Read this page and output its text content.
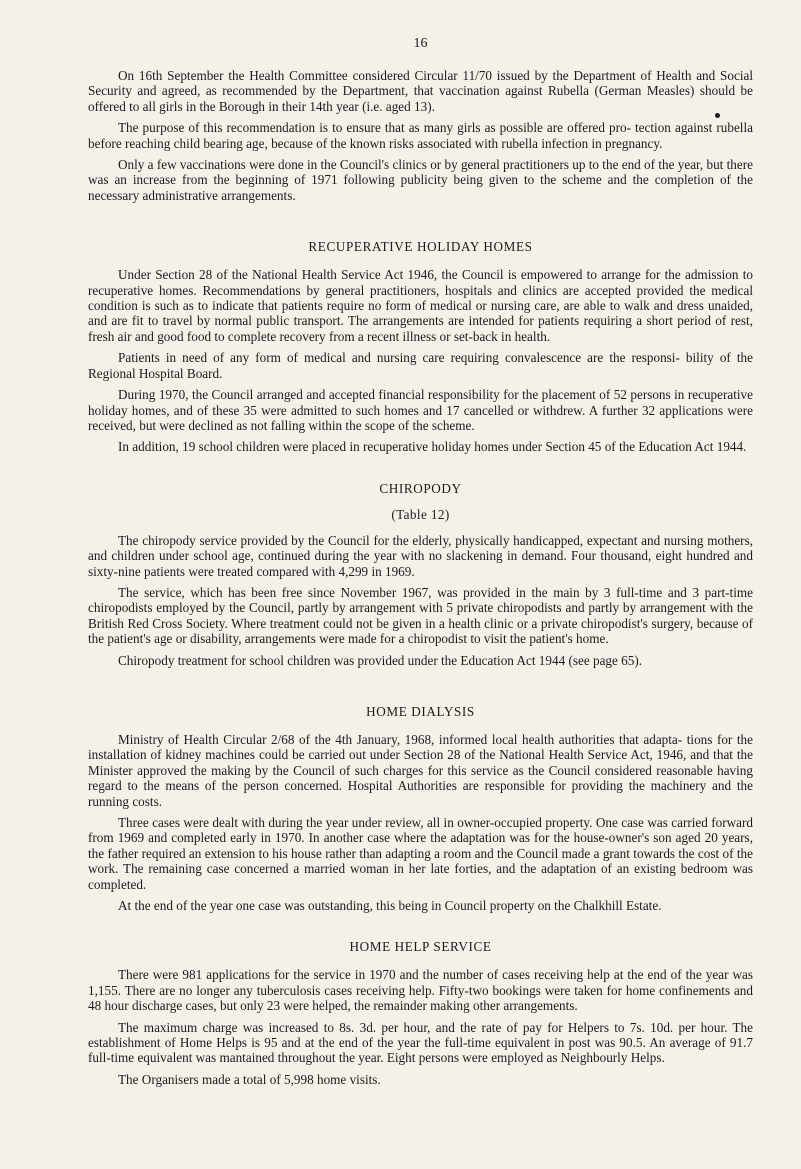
16

On 16th September the Health Committee considered Circular 11/70 issued by the Department of Health and Social Security and agreed, as recommended by the Department, that vaccination against Rubella (German Measles) should be offered to all girls in the Borough in their 14th year (i.e. aged 13).

The purpose of this recommendation is to ensure that as many girls as possible are offered pro- tection against rubella before reaching child bearing age, because of the known risks associated with rubella infection in pregnancy.

Only a few vaccinations were done in the Council's clinics or by general practitioners up to the end of the year, but there was an increase from the beginning of 1971 following publicity being given to the scheme and the completion of the necessary administrative arrangements.

RECUPERATIVE HOLIDAY HOMES

Under Section 28 of the National Health Service Act 1946, the Council is empowered to arrange for the admission to recuperative homes. Recommendations by general practitioners, hospitals and clinics are accepted provided the medical condition is such as to indicate that patients require no form of medical or nursing care, are able to walk and dress unaided, and are fit to travel by normal public transport. The arrangements are intended for patients requiring a short period of rest, fresh air and good food to complete recovery from a recent illness or set-back in health.

Patients in need of any form of medical and nursing care requiring convalescence are the responsi- bility of the Regional Hospital Board.

During 1970, the Council arranged and accepted financial responsibility for the placement of 52 persons in recuperative holiday homes, and of these 35 were admitted to such homes and 17 cancelled or withdrew. A further 32 applications were received, but were declined as not falling within the scope of the scheme.

In addition, 19 school children were placed in recuperative holiday homes under Section 45 of the Education Act 1944.

CHIROPODY
(Table 12)

The chiropody service provided by the Council for the elderly, physically handicapped, expectant and nursing mothers, and children under school age, continued during the year with no slackening in demand. Four thousand, eight hundred and sixty-nine patients were treated compared with 4,299 in 1969.

The service, which has been free since November 1967, was provided in the main by 3 full-time and 3 part-time chiropodists employed by the Council, partly by arrangement with 5 private chiropodists and partly by arrangement with the British Red Cross Society. Where treatment could not be given in a health clinic or a private chiropodist's surgery, because of the patient's age or disability, arrangements were made for a chiropodist to visit the patient's home.

Chiropody treatment for school children was provided under the Education Act 1944 (see page 65).

HOME DIALYSIS

Ministry of Health Circular 2/68 of the 4th January, 1968, informed local health authorities that adapta- tions for the installation of kidney machines could be carried out under Section 28 of the National Health Service Act, 1946, and that the Minister approved the making by the Council of such charges for this service as the Council considered reasonable having regard to the means of the person concerned. Hospital Authorities are responsible for providing the machinery and the running costs.

Three cases were dealt with during the year under review, all in owner-occupied property. One case was carried forward from 1969 and completed early in 1970. In another case where the adaptation was for the house-owner's son aged 20 years, the father required an extension to his house rather than adapting a room and the Council made a grant towards the cost of the work. The remaining case concerned a married woman in her late forties, and the adaptation of an existing bedroom was completed.

At the end of the year one case was outstanding, this being in Council property on the Chalkhill Estate.

HOME HELP SERVICE

There were 981 applications for the service in 1970 and the number of cases receiving help at the end of the year was 1,155. There are no longer any tuberculosis cases receiving help. Fifty-two bookings were taken for home confinements and 48 hour discharge cases, but only 23 were helped, the remainder making other arrangements.

The maximum charge was increased to 8s. 3d. per hour, and the rate of pay for Helpers to 7s. 10d. per hour. The establishment of Home Helps is 95 and at the end of the year the full-time equivalent in post was 90.5. An average of 91.7 full-time equivalent was mantained throughout the year. Eight persons were employed as Neighbourly Helps.

The Organisers made a total of 5,998 home visits.
